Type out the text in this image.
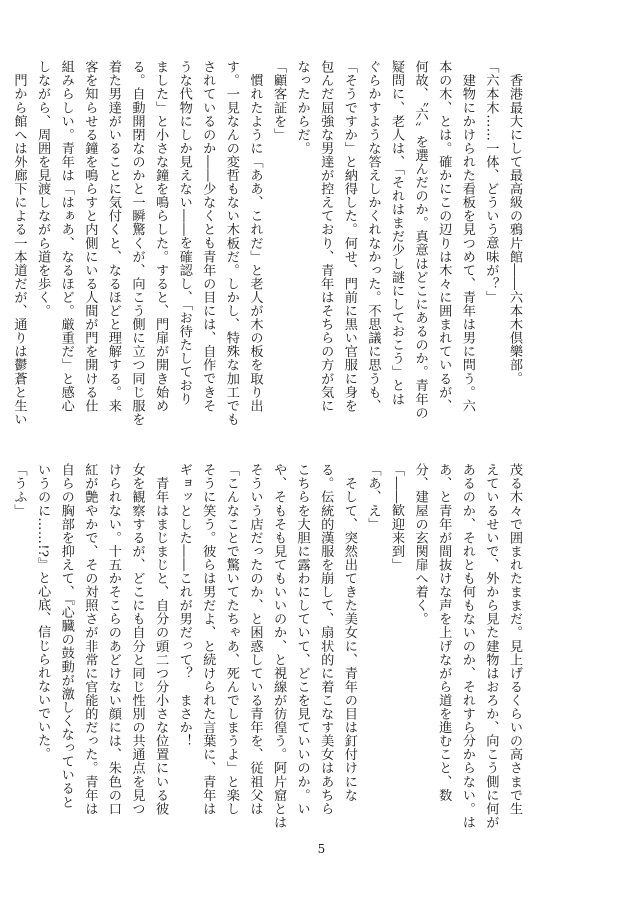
　香港最大にして最高級の鴉片館――六本木倶樂部。
「六本木……一体、どういう意味が？」
　建物にかけられた看板を見つめて、青年は男に問う。六
本の木、とは。確かにこの辺りは木々に囲まれているが、
何故、〝六〟を選んだのか。真意はどこにあるのか。青年の
疑問に、老人は、「それはまだ少し謎にしておこう」とは
ぐらかすような答えしかくれなかった。不思議に思うも、
「そうですか」と納得した。何せ、門前に黒い官服に身を
包んだ屈強な男達が控えており、青年はそちらの方が気に
なったからだ。
「顧客証を」
　慣れたように「ああ、これだ」と老人が木の板を取り出
す。一見なんの変哲もない木板だ。しかし、特殊な加工でも
されているのか――少なくとも青年の目には、自作できそ
うな代物にしか見えない――を確認し、「お待たしており
ました」と小さな鐘を鳴らした。すると、門扉が開き始め
る。自動開閉なのかと一瞬驚くが、向こう側に立つ同じ服を
着た男達がいることに気付くと、なるほどと理解する。来
客を知らせる鐘を鳴らすと内側にいる人間が門を開ける仕
組みらしい。青年は「はぁあ、なるほど。厳重だ」と感心
しながら、周囲を見渡しながら道を歩く。
　門から館へは外廊下による一本道だが、通りは鬱蒼と生い
茂る木々で囲まれたままだ。見上げるくらいの高さまで生
えているせいで、外から見た建物はおろか、向こう側に何が
あるのか、それとも何もないのか、それすら分からない。は
あ、と青年が間抜けな声を上げながら道を進むこと、数
分、建屋の玄関扉へ着く。
「――歓迎来到」
「あ、え」
　そして、突然出てきた美女に、青年の目は釘付けにな
る。伝統的漢服を崩して、扇状的に着こなす美女はあちら
こちらを大胆に露わにしていて、どこを見ていいのか。い
や、そもそも見てもいいのか、と視線が彷徨う。阿片窟とは
そういう店だったのか、と困惑している青年を、従祖父は
「こんなことで驚いてたちゃあ、死んでしまうよ」と楽し
そうに笑う。彼らは男だよ、と続けられた言葉に、青年は
ギョッとした――これが男だって？　まさか！
　青年はまじまじと、自分の頭二つ分小さな位置にいる彼
女を観察するが、どこにも自分と同じ性別の共通点を見つ
けられない。十五かそこらのあどけない顔には、朱色の口
紅が艶やかで、その対照さが非常に官能的だった。青年は
自らの胸部を抑えて、『心臓の鼓動が激しくなっていると
いうのに……!?』と心底、信じられないでいた。
「うふ」
5
